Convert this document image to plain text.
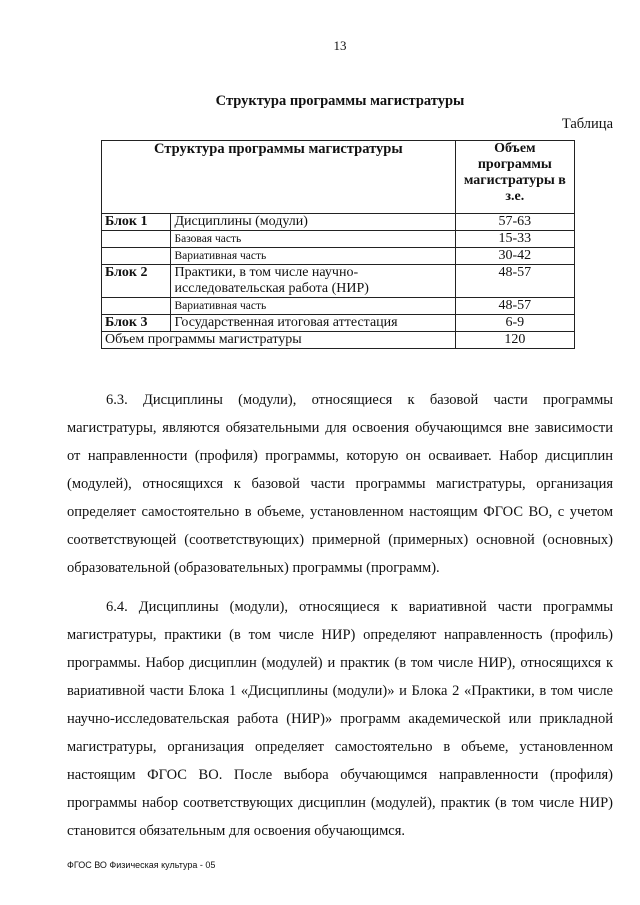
13
Структура программы магистратуры
Таблица
Структура программы магистратуры		Объем программы магистратуры в з.е.
Блок 1	Дисциплины (модули)	57-63
	Базовая часть	15-33
	Вариативная часть	30-42
Блок 2	Практики, в том числе научно-исследовательская работа (НИР)	48-57
	Вариативная часть	48-57
Блок 3	Государственная итоговая аттестация	6-9
Объем программы магистратуры		120
6.3. Дисциплины (модули), относящиеся к базовой части программы магистратуры, являются обязательными для освоения обучающимся вне зависимости от направленности (профиля) программы, которую он осваивает. Набор дисциплин (модулей), относящихся к базовой части программы магистратуры, организация определяет самостоятельно в объеме, установленном настоящим ФГОС ВО, с учетом соответствующей (соответствующих) примерной (примерных) основной (основных) образовательной (образовательных) программы (программ).
6.4. Дисциплины (модули), относящиеся к вариативной части программы магистратуры, практики (в том числе НИР) определяют направленность (профиль) программы. Набор дисциплин (модулей) и практик (в том числе НИР), относящихся к вариативной части Блока 1 «Дисциплины (модули)» и Блока 2 «Практики, в том числе научно-исследовательская работа (НИР)» программ академической или прикладной магистратуры, организация определяет самостоятельно в объеме, установленном настоящим ФГОС ВО. После выбора обучающимся направленности (профиля) программы набор соответствующих дисциплин (модулей), практик (в том числе НИР) становится обязательным для освоения обучающимся.
ФГОС ВО Физическая культура - 05
